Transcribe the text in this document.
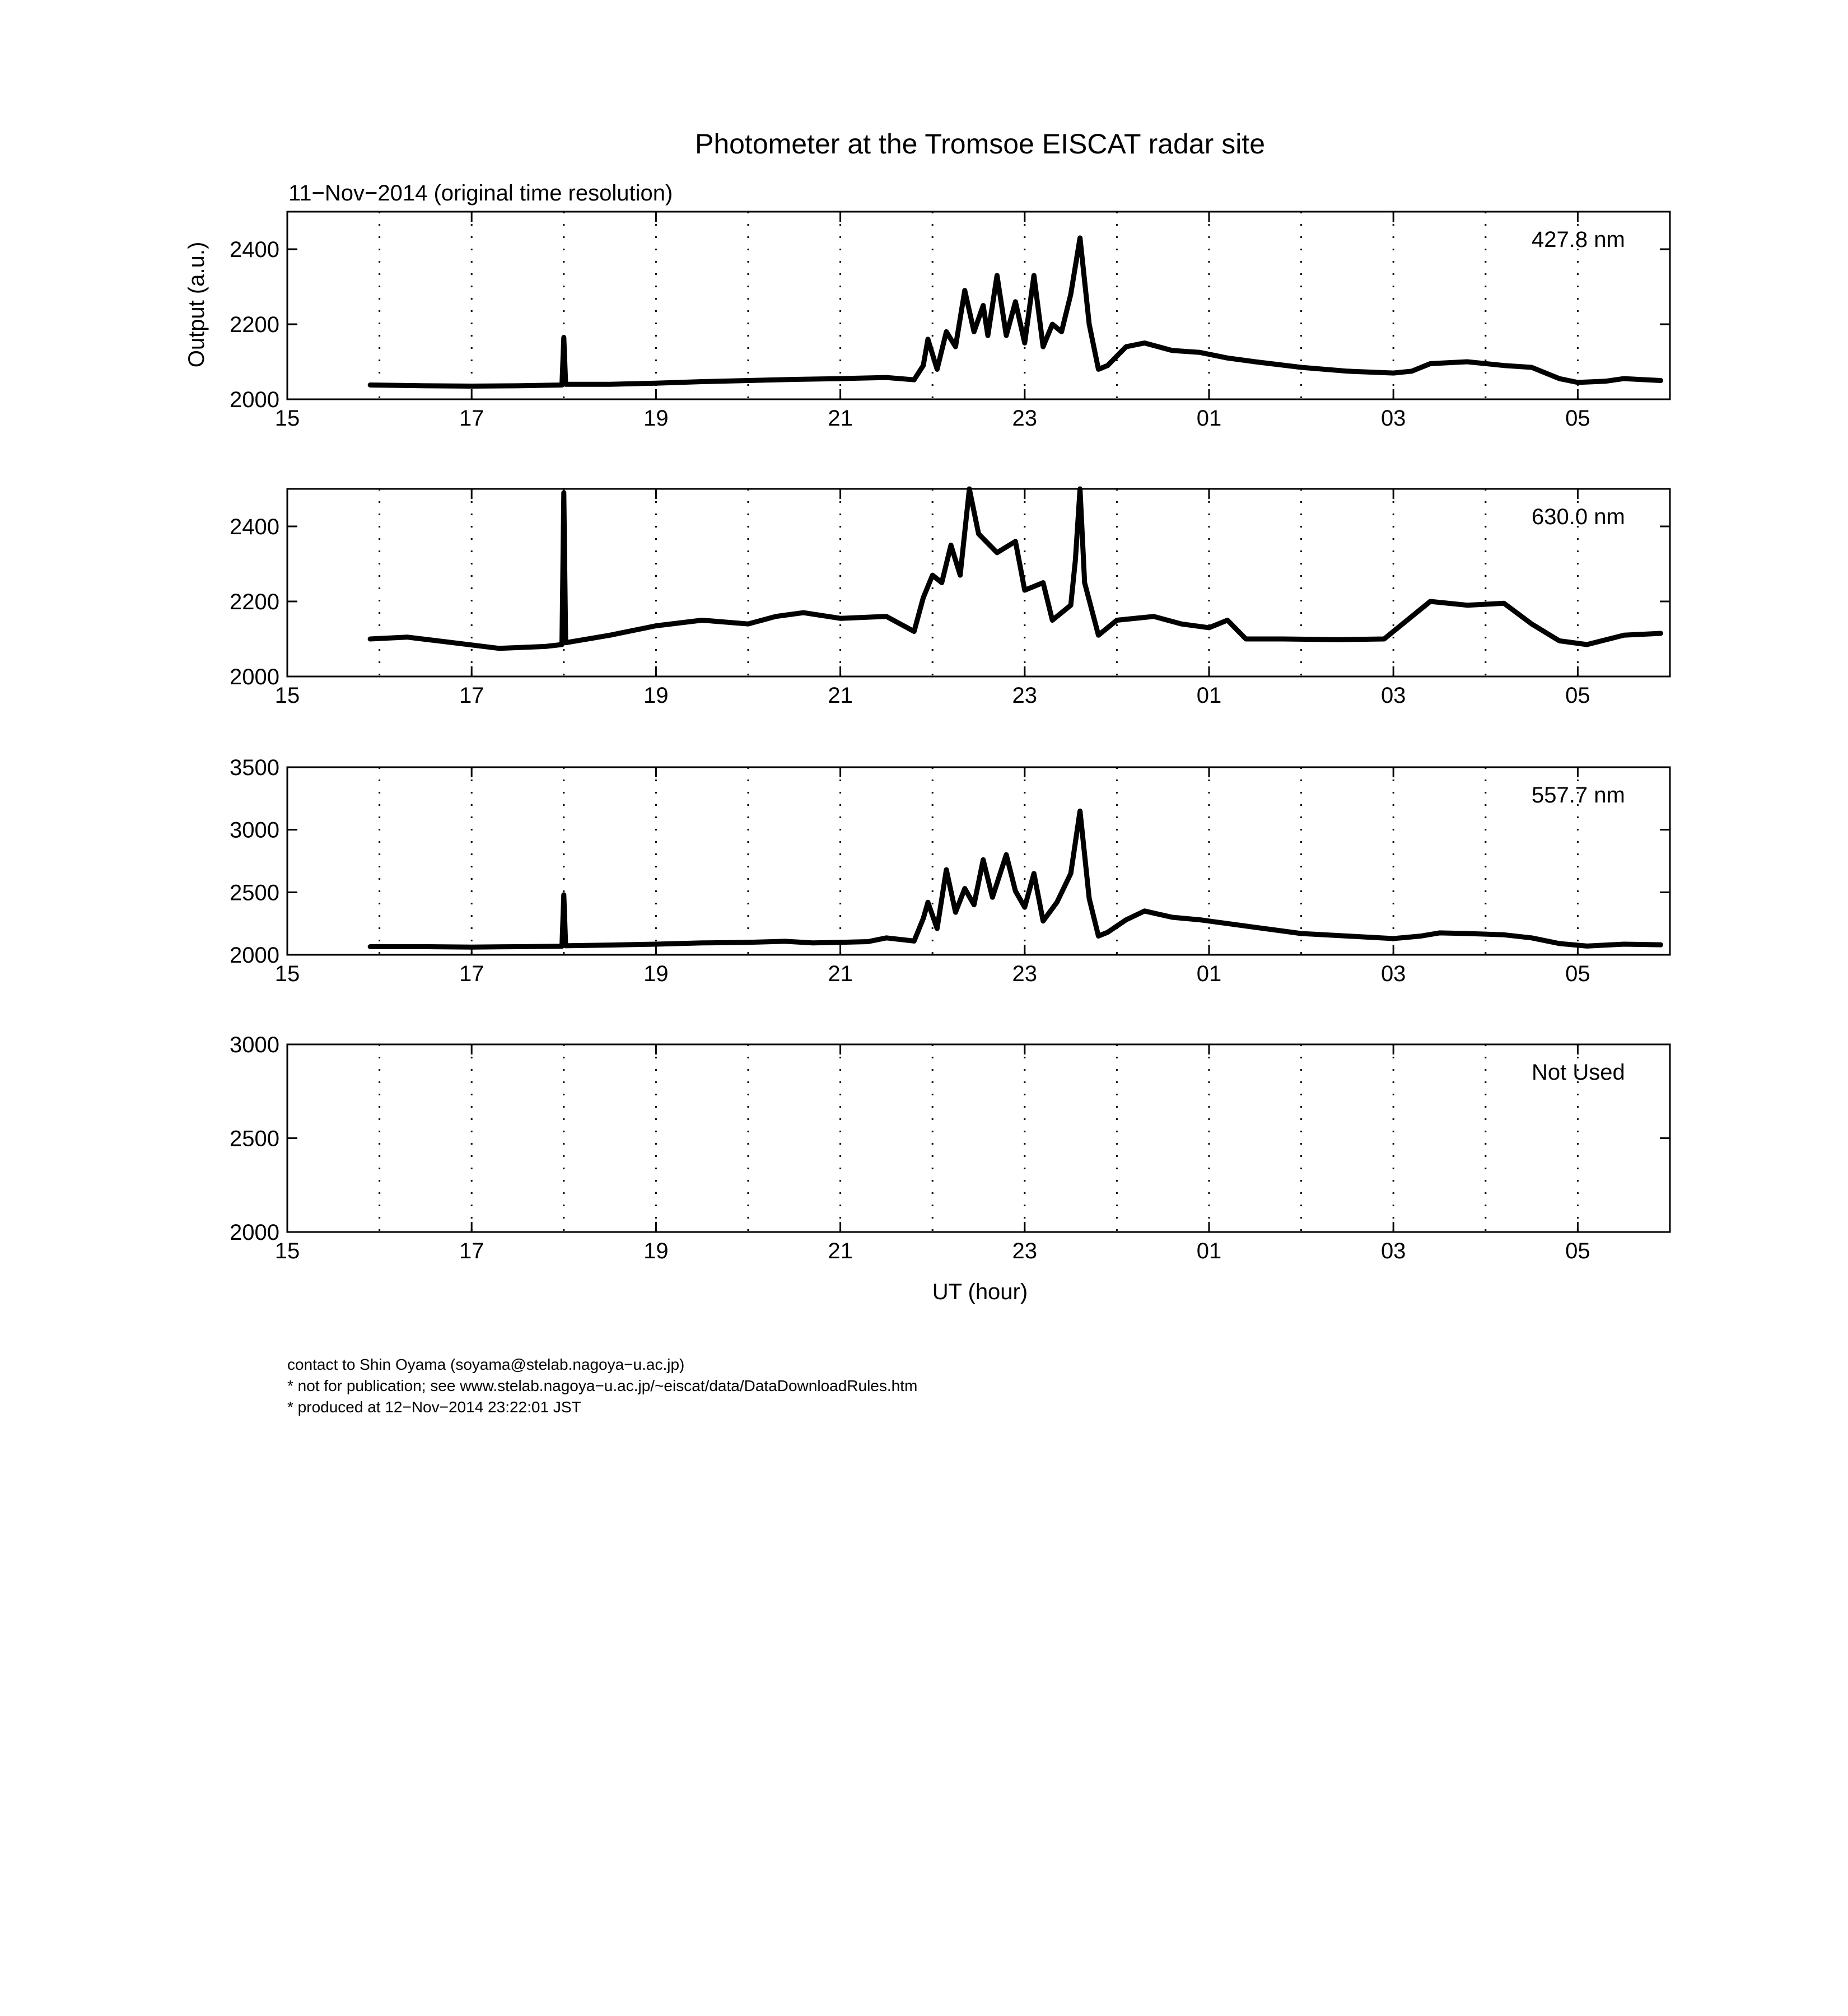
Photometer at the Tromsoe EISCAT radar site
11−Nov−2014 (original time resolution)
Output (a.u.)
UT (hour)
15	17	19	21	23	01	03	05
2000
2200
2400	427.8 nm
15	17	19	21	23	01	03	05
2000
2200
2400	630.0 nm
15	17	19	21	23	01	03	05
2000
2500
3000
3500
557.7 nm
15	17	19	21	23	01	03	05
2000
2500
3000
Not Used
contact to Shin Oyama (soyama@stelab.nagoya−u.ac.jp)
* not for publication; see www.stelab.nagoya−u.ac.jp/~eiscat/data/DataDownloadRules.htm
* produced at 12−Nov−2014 23:22:01 JST
